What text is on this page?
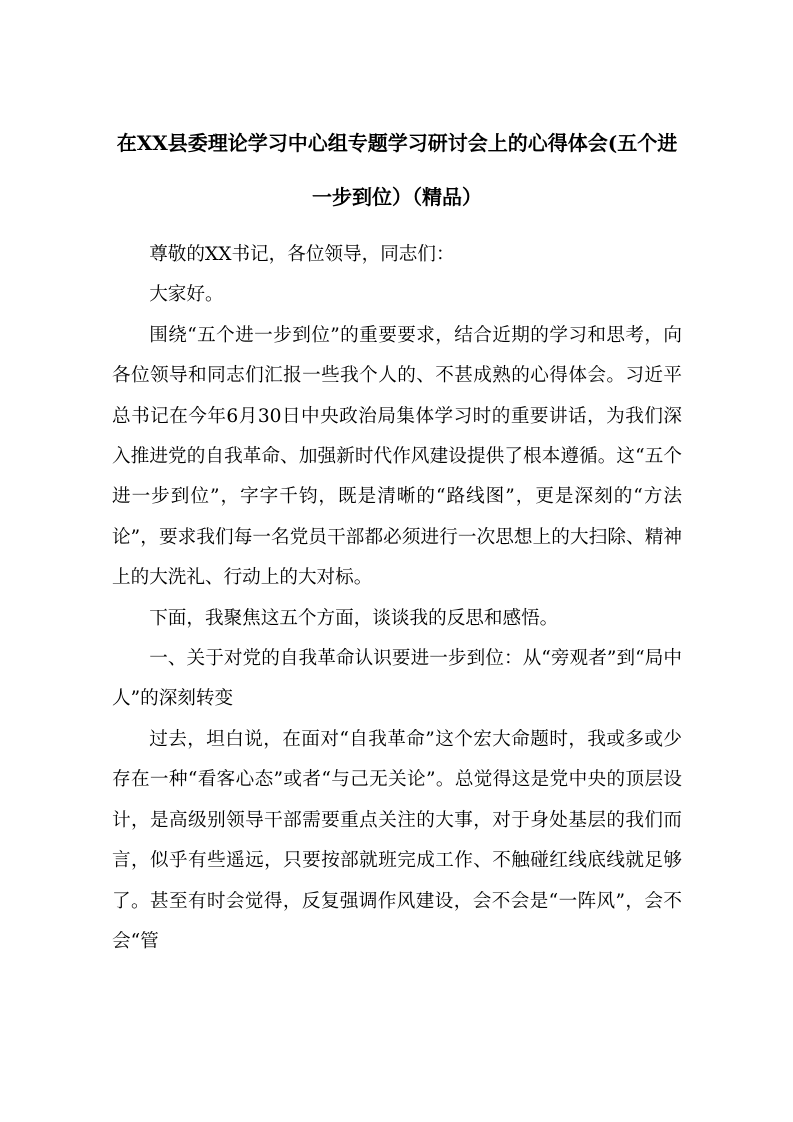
在XX县委理论学习中心组专题学习研讨会上的心得体会(五个进一步到位）（精品）

尊敬的XX书记，各位领导，同志们：

大家好。

围绕“五个进一步到位”的重要要求，结合近期的学习和思考，向各位领导和同志们汇报一些我个人的、不甚成熟的心得体会。习近平总书记在今年6月30日中央政治局集体学习时的重要讲话，为我们深入推进党的自我革命、加强新时代作风建设提供了根本遵循。这“五个进一步到位”，字字千钧，既是清晰的“路线图”，更是深刻的“方法论”，要求我们每一名党员干部都必须进行一次思想上的大扫除、精神上的大洗礼、行动上的大对标。

下面，我聚焦这五个方面，谈谈我的反思和感悟。

一、关于对党的自我革命认识要进一步到位：从“旁观者”到“局中人”的深刻转变

过去，坦白说，在面对“自我革命”这个宏大命题时，我或多或少存在一种“看客心态”或者“与己无关论”。总觉得这是党中央的顶层设计，是高级别领导干部需要重点关注的大事，对于身处基层的我们而言，似乎有些遥远，只要按部就班完成工作、不触碰红线底线就足够了。甚至有时会觉得，反复强调作风建设，会不会是“一阵风”，会不会“管
